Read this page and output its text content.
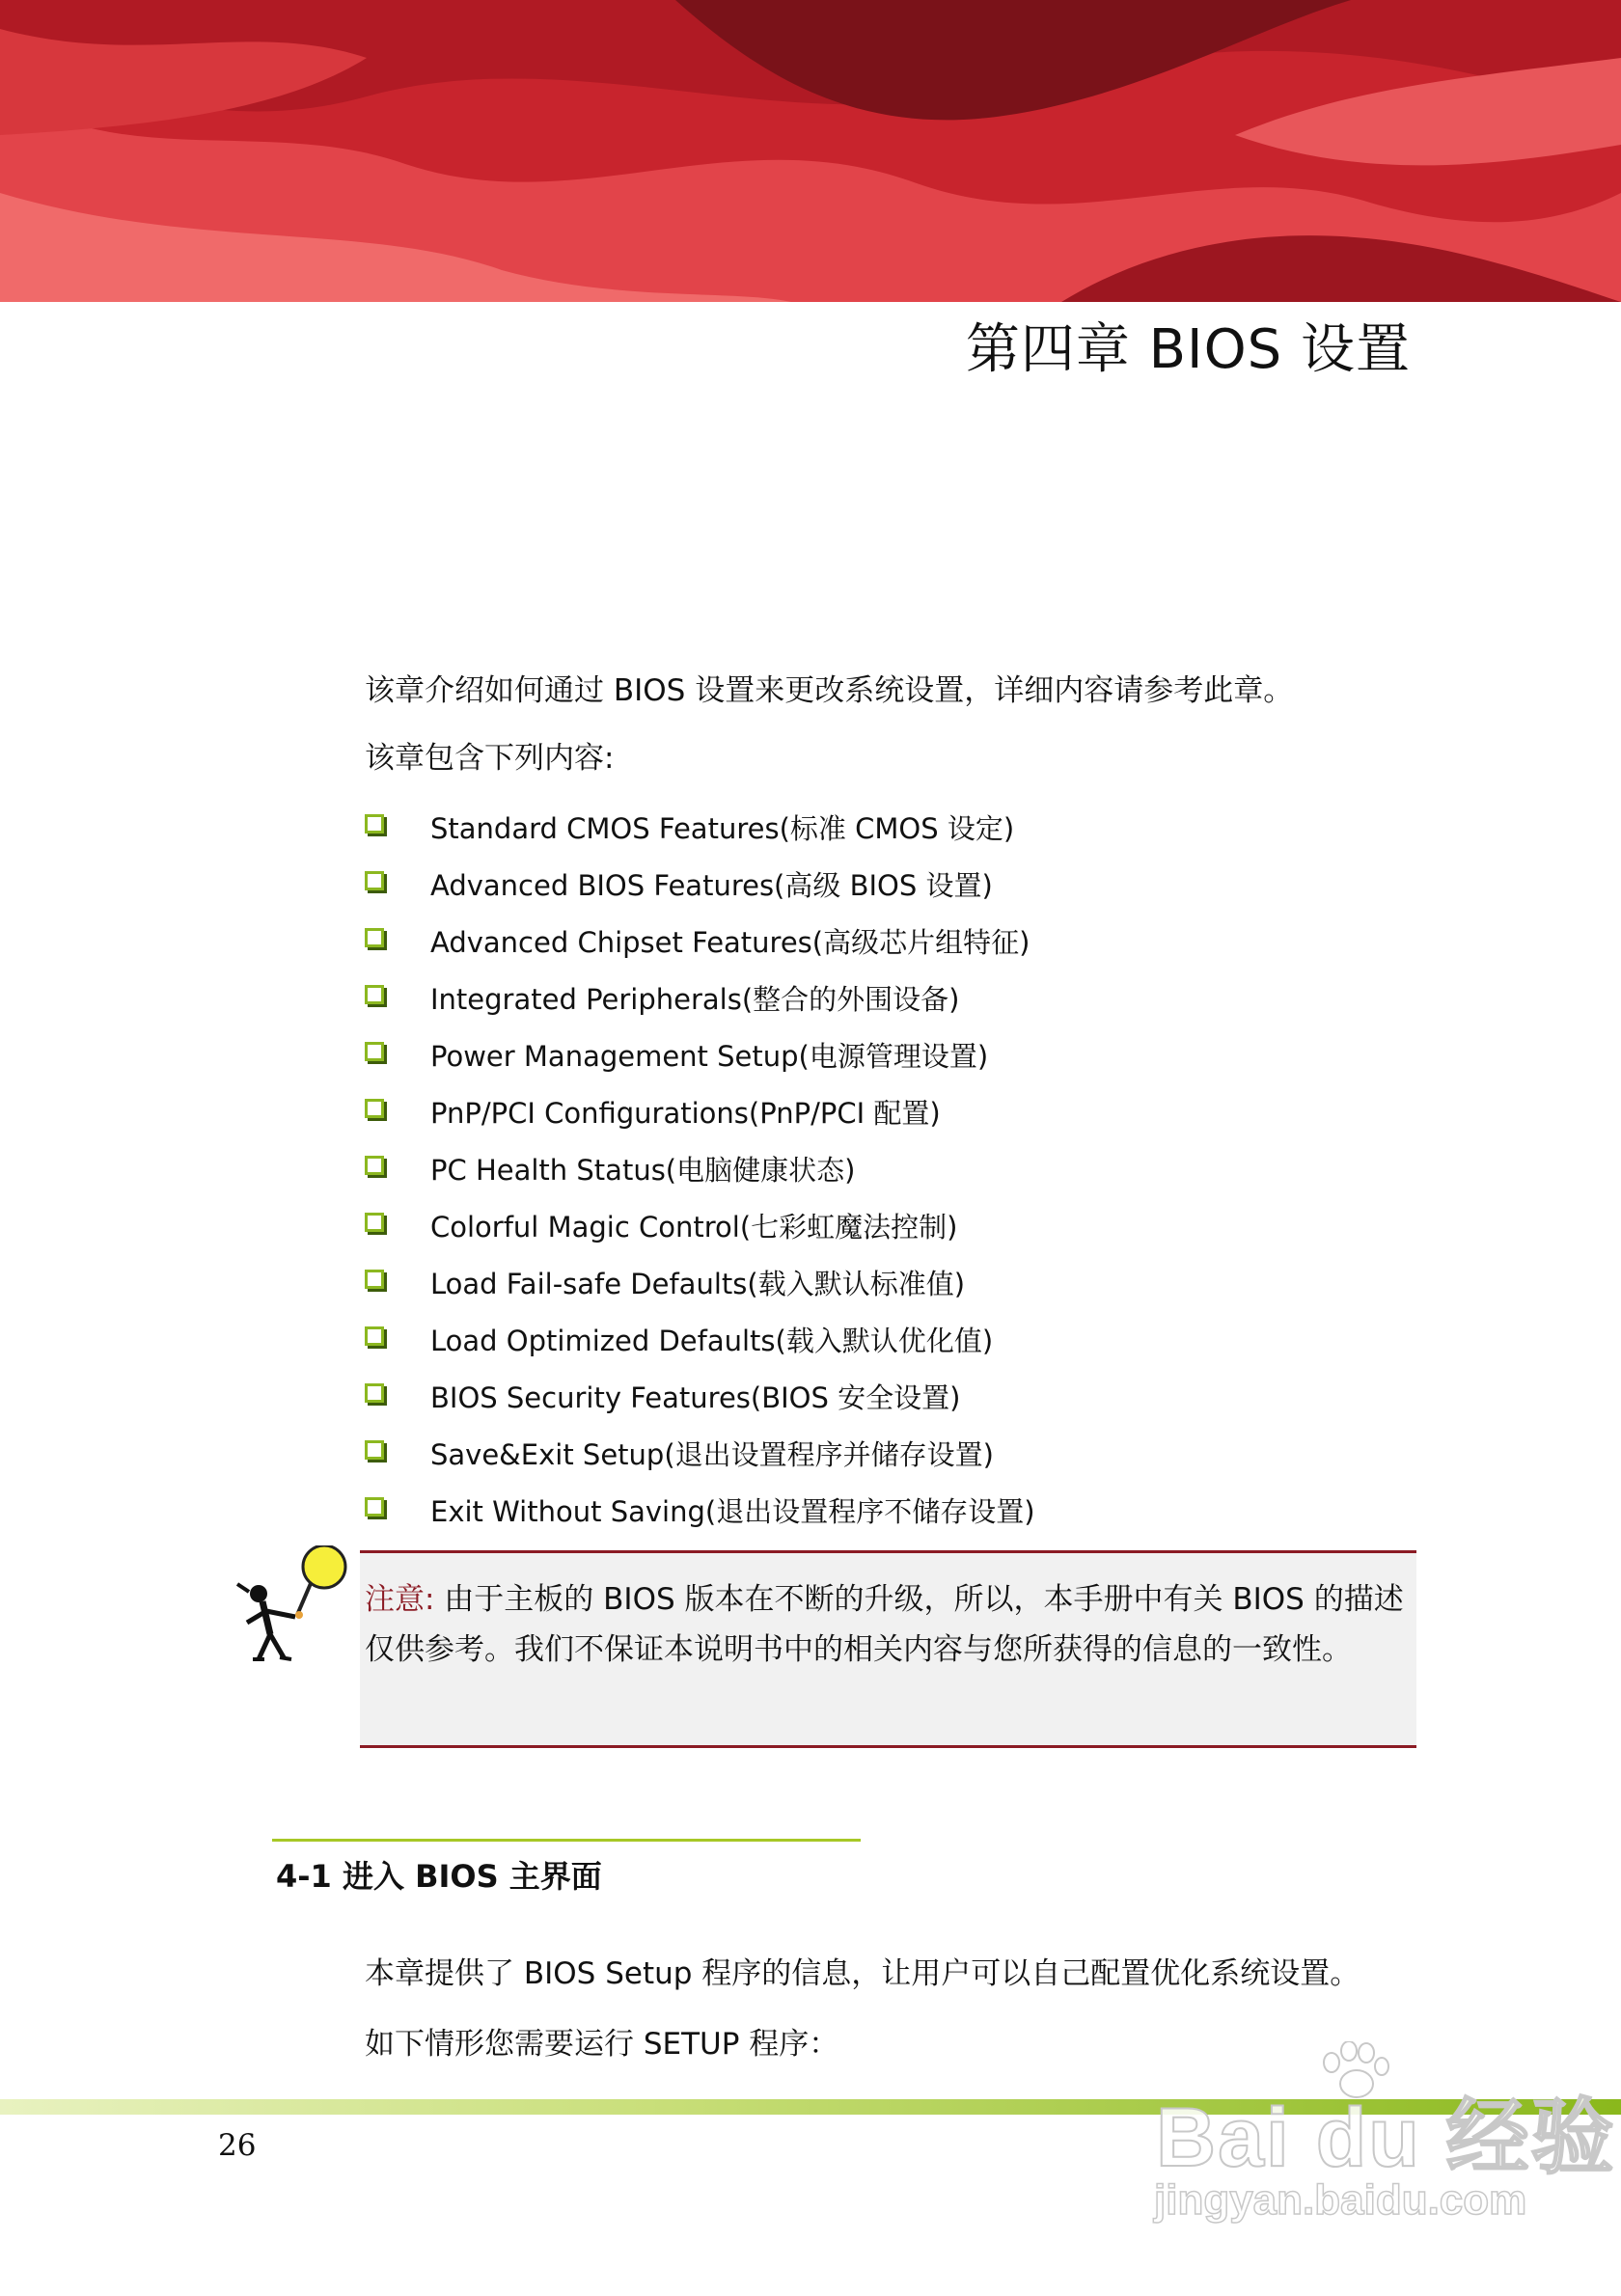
第四章 BIOS 设置
该章介绍如何通过 BIOS 设置来更改系统设置，详细内容请参考此章。
该章包含下列内容:
Standard CMOS Features(标准 CMOS 设定)
Advanced BIOS Features(高级 BIOS 设置)
Advanced Chipset Features(高级芯片组特征)
Integrated Peripherals(整合的外围设备)
Power Management Setup(电源管理设置)
PnP/PCI Configurations(PnP/PCI 配置)
PC Health Status(电脑健康状态)
Colorful Magic Control(七彩虹魔法控制)
Load Fail-safe Defaults(载入默认标准值)
Load Optimized Defaults(载入默认优化值)
BIOS Security Features(BIOS 安全设置)
Save&Exit Setup(退出设置程序并储存设置)
Exit Without Saving(退出设置程序不储存设置)
注意: 由于主板的 BIOS 版本在不断的升级，所以，本手册中有关 BIOS 的描述仅供参考。我们不保证本说明书中的相关内容与您所获得的信息的一致性。
4-1 进入 BIOS 主界面
本章提供了 BIOS Setup 程序的信息，让用户可以自己配置优化系统设置。
如下情形您需要运行 SETUP 程序：
26	Bai du 经验
jingyan.baidu.com
